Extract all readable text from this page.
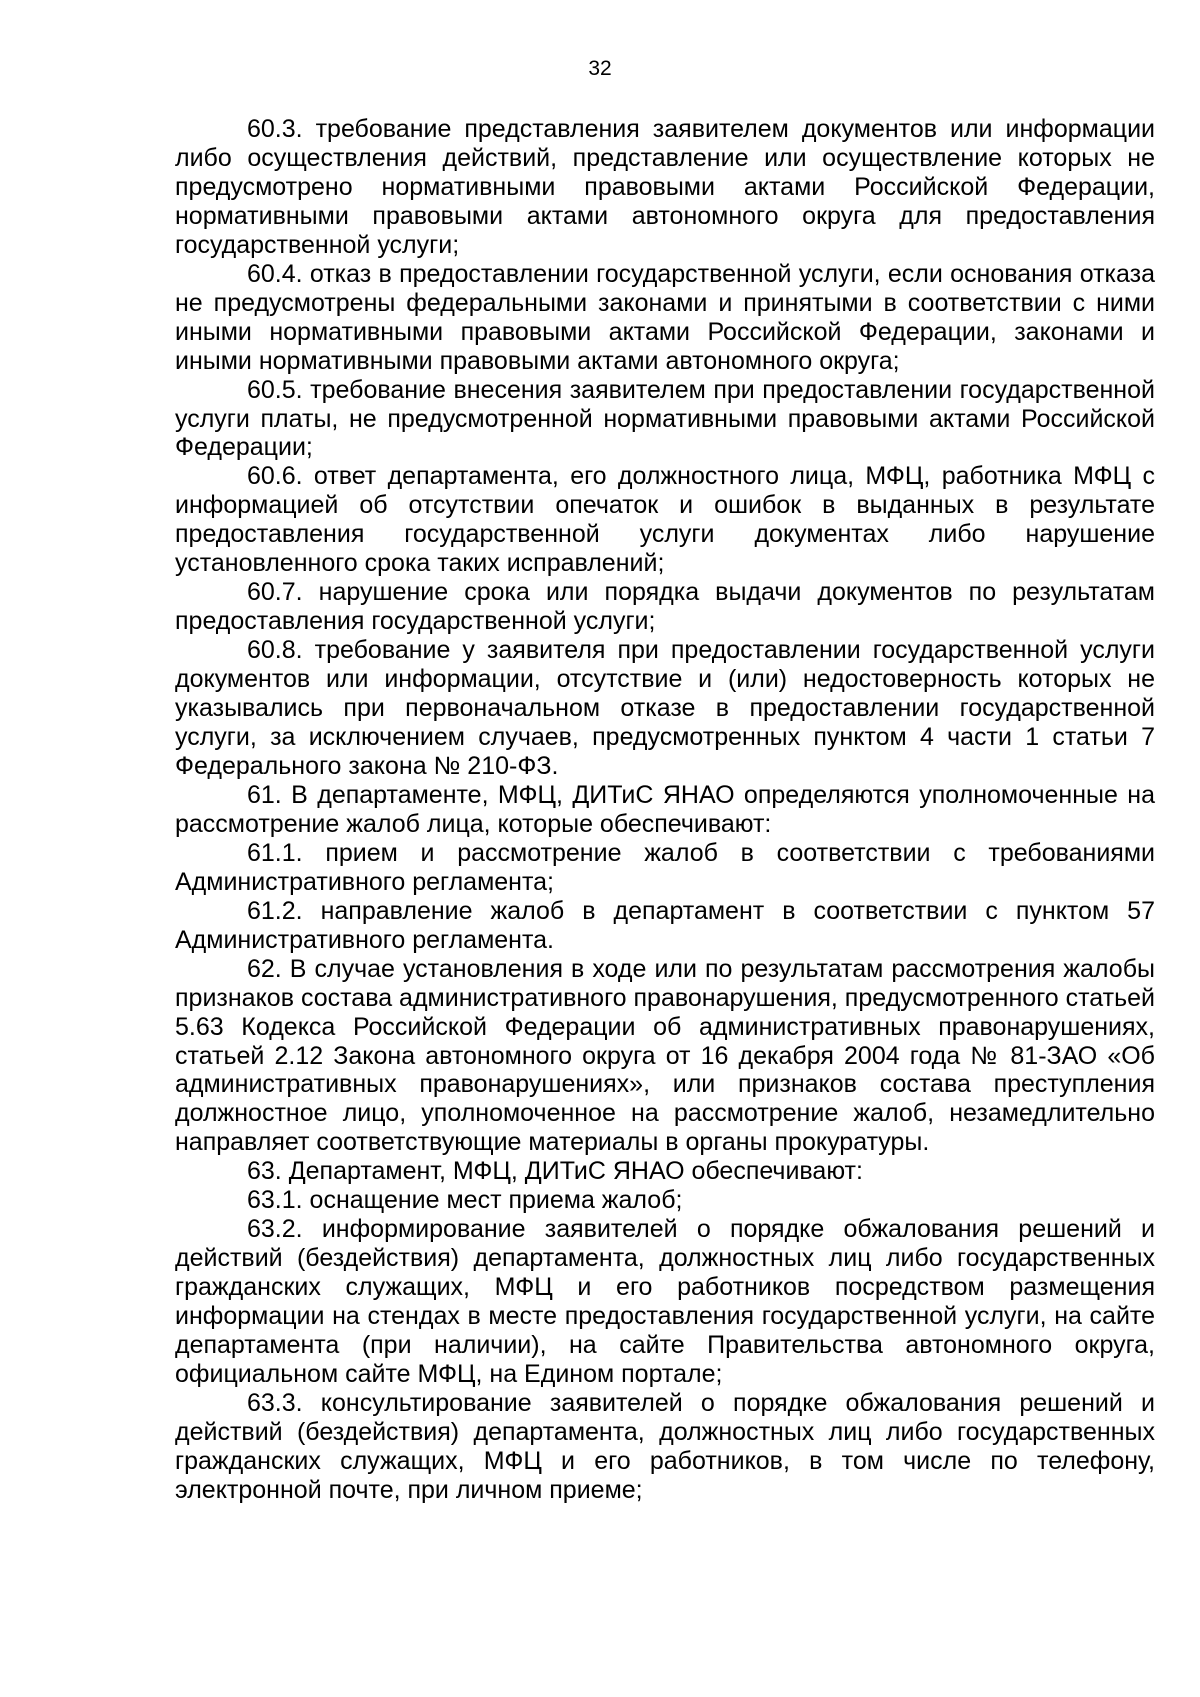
32

60.3. требование представления заявителем документов или информации либо осуществления действий, представление или осуществление которых не предусмотрено нормативными правовыми актами Российской Федерации, нормативными правовыми актами автономного округа для предоставления государственной услуги;

60.4. отказ в предоставлении государственной услуги, если основания отказа не предусмотрены федеральными законами и принятыми в соответствии с ними иными нормативными правовыми актами Российской Федерации, законами и иными нормативными правовыми актами автономного округа;

60.5. требование внесения заявителем при предоставлении государственной услуги платы, не предусмотренной нормативными правовыми актами Российской Федерации;

60.6. ответ департамента, его должностного лица, МФЦ, работника МФЦ с информацией об отсутствии опечаток и ошибок в выданных в результате предоставления государственной услуги документах либо нарушение установленного срока таких исправлений;

60.7. нарушение срока или порядка выдачи документов по результатам предоставления государственной услуги;

60.8. требование у заявителя при предоставлении государственной услуги документов или информации, отсутствие и (или) недостоверность которых не указывались при первоначальном отказе в предоставлении государственной услуги, за исключением случаев, предусмотренных пунктом 4 части 1 статьи 7 Федерального закона № 210-ФЗ.

61. В департаменте, МФЦ, ДИТиС ЯНАО определяются уполномоченные на рассмотрение жалоб лица, которые обеспечивают:

61.1. прием и рассмотрение жалоб в соответствии с требованиями Административного регламента;

61.2. направление жалоб в департамент в соответствии с пунктом 57 Административного регламента.

62. В случае установления в ходе или по результатам рассмотрения жалобы признаков состава административного правонарушения, предусмотренного статьей 5.63 Кодекса Российской Федерации об административных правонарушениях, статьей 2.12 Закона автономного округа от 16 декабря 2004 года № 81-ЗАО «Об административных правонарушениях», или признаков состава преступления должностное лицо, уполномоченное на рассмотрение жалоб, незамедлительно направляет соответствующие материалы в органы прокуратуры.

63. Департамент, МФЦ, ДИТиС ЯНАО обеспечивают:

63.1. оснащение мест приема жалоб;

63.2. информирование заявителей о порядке обжалования решений и действий (бездействия) департамента, должностных лиц либо государственных гражданских служащих, МФЦ и его работников посредством размещения информации на стендах в месте предоставления государственной услуги, на сайте департамента (при наличии), на сайте Правительства автономного округа, официальном сайте МФЦ, на Едином портале;

63.3. консультирование заявителей о порядке обжалования решений и действий (бездействия) департамента, должностных лиц либо государственных гражданских служащих, МФЦ и его работников, в том числе по телефону, электронной почте, при личном приеме;
